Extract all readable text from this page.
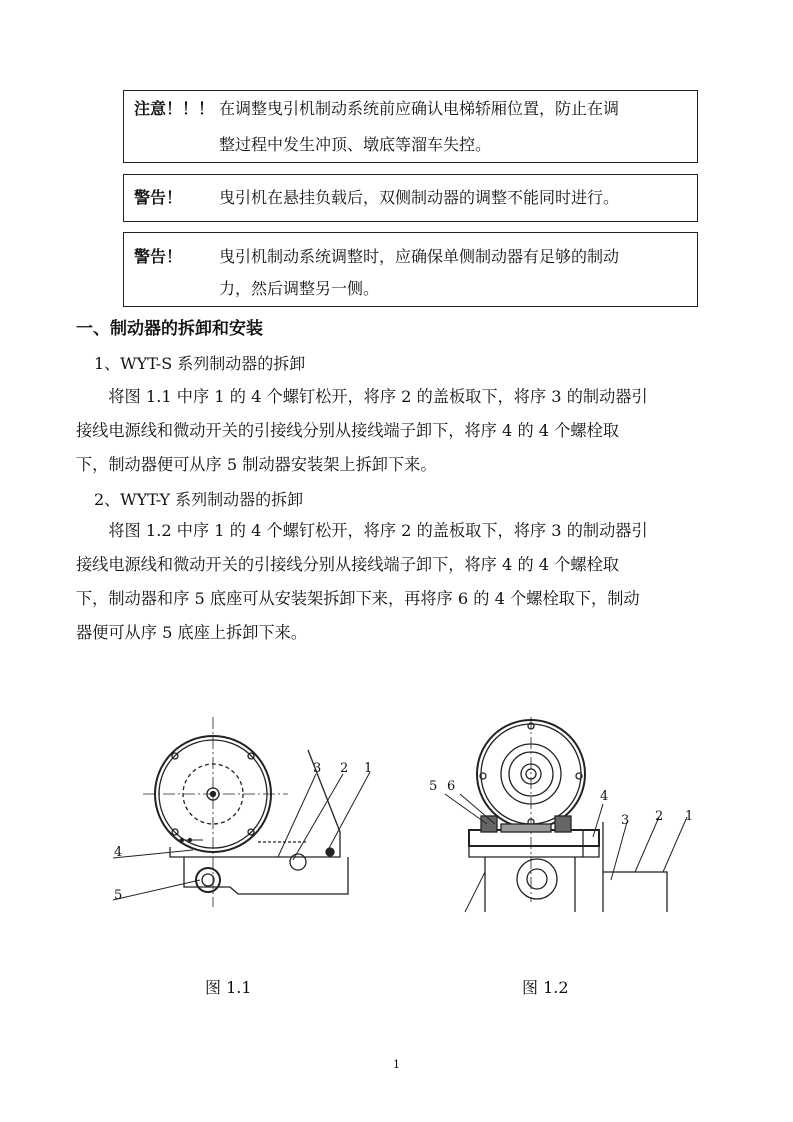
注意！！！ 在调整曳引机制动系统前应确认电梯轿厢位置，防止在调
整过程中发生冲顶、墩底等溜车失控。
警告！ 曳引机在悬挂负载后，双侧制动器的调整不能同时进行。
警告！ 曳引机制动系统调整时，应确保单侧制动器有足够的制动
力，然后调整另一侧。
一、制动器的拆卸和安装
1、WYT-S 系列制动器的拆卸
　　将图 1.1 中序 1 的 4 个螺钉松开，将序 2 的盖板取下，将序 3 的制动器引
接线电源线和微动开关的引接线分别从接线端子卸下，将序 4 的 4 个螺栓取
下，制动器便可从序 5 制动器安装架上拆卸下来。
2、WYT-Y 系列制动器的拆卸
　　将图 1.2 中序 1 的 4 个螺钉松开，将序 2 的盖板取下，将序 3 的制动器引
接线电源线和微动开关的引接线分别从接线端子卸下，将序 4 的 4 个螺栓取
下，制动器和序 5 底座可从安装架拆卸下来，再将序 6 的 4 个螺栓取下，制动
器便可从序 5 底座上拆卸下来。
3 2 1
4
5
5 6
4
3 2 1
图 1.1	图 1.2
1
